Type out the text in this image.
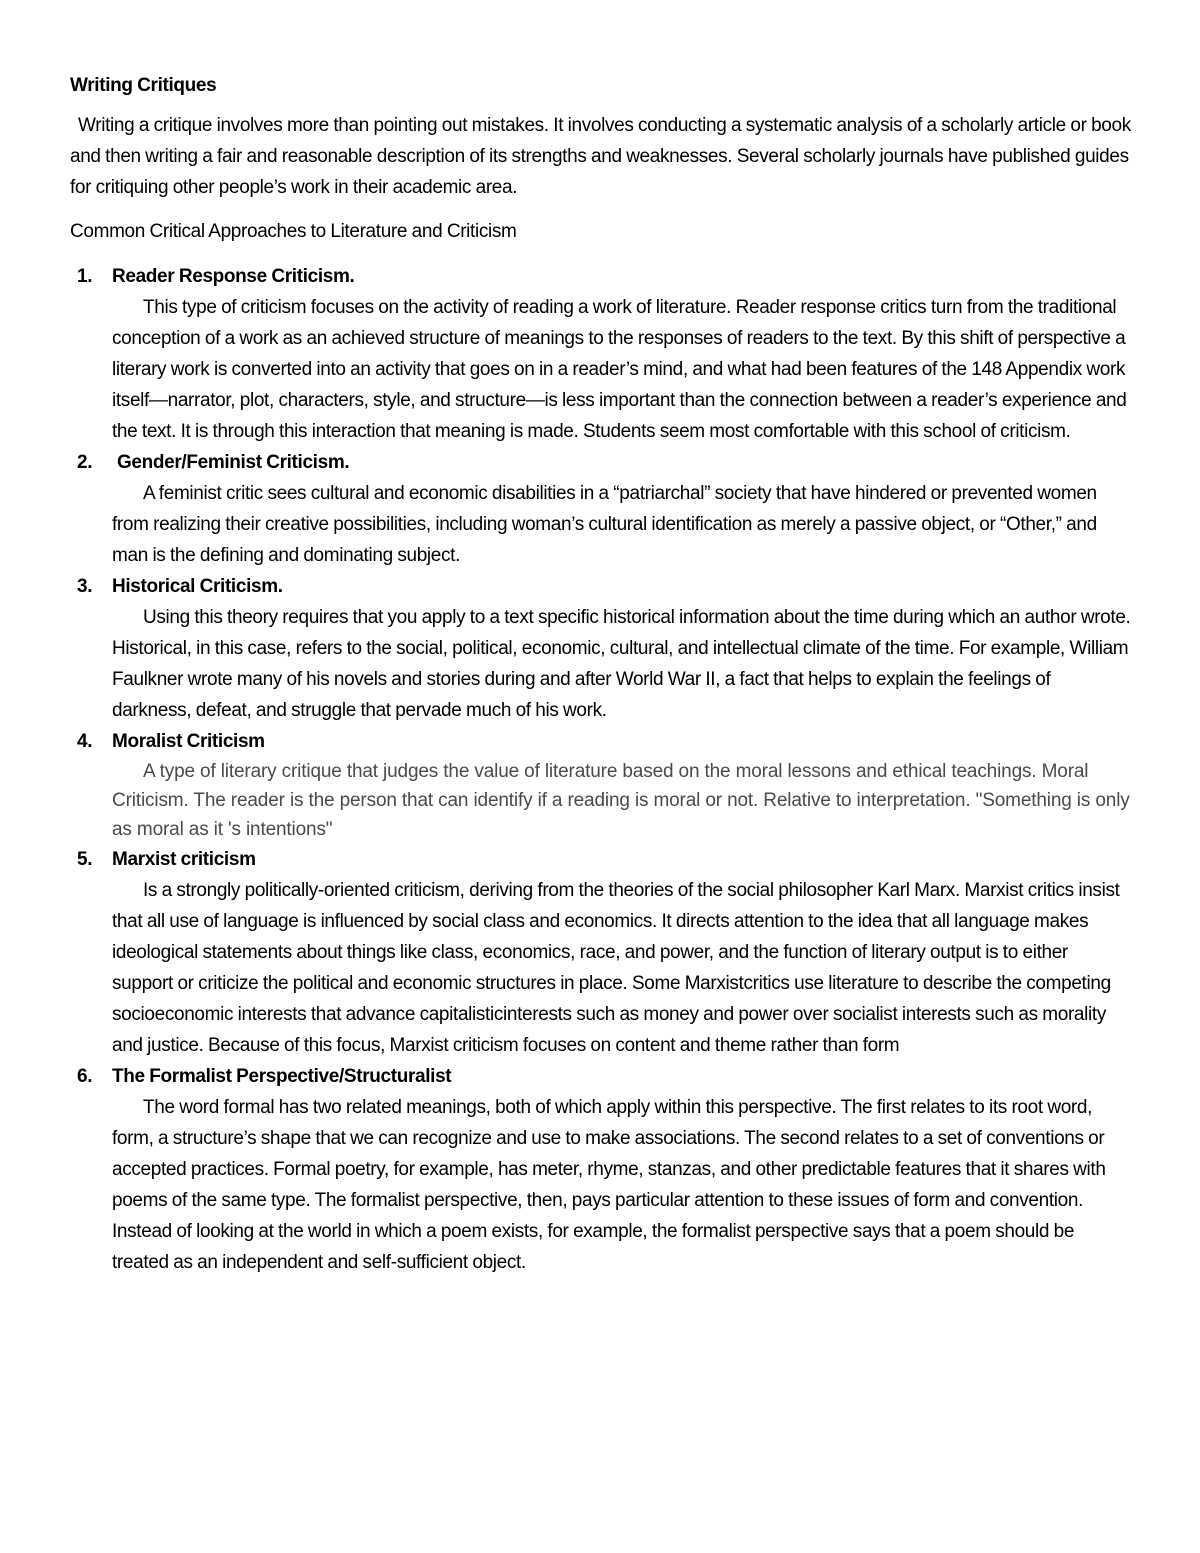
Writing Critiques

Writing a critique involves more than pointing out mistakes. It involves conducting a systematic analysis of a scholarly article or book and then writing a fair and reasonable description of its strengths and weaknesses. Several scholarly journals have published guides for critiquing other people’s work in their academic area.

Common Critical Approaches to Literature and Criticism

1. Reader Response Criticism.

This type of criticism focuses on the activity of reading a work of literature. Reader response critics turn from the traditional conception of a work as an achieved structure of meanings to the responses of readers to the text. By this shift of perspective a literary work is converted into an activity that goes on in a reader’s mind, and what had been features of the 148 Appendix work itself—narrator, plot, characters, style, and structure—is less important than the connection between a reader’s experience and the text. It is through this interaction that meaning is made. Students seem most comfortable with this school of criticism.

2. Gender/Feminist Criticism.

A feminist critic sees cultural and economic disabilities in a “patriarchal” society that have hindered or prevented women from realizing their creative possibilities, including woman’s cultural identification as merely a passive object, or “Other,” and man is the defining and dominating subject.

3. Historical Criticism.

Using this theory requires that you apply to a text specific historical information about the time during which an author wrote. Historical, in this case, refers to the social, political, economic, cultural, and intellectual climate of the time. For example, William Faulkner wrote many of his novels and stories during and after World War II, a fact that helps to explain the feelings of darkness, defeat, and struggle that pervade much of his work.

4. Moralist Criticism

A type of literary critique that judges the value of literature based on the moral lessons and ethical teachings. Moral Criticism. The reader is the person that can identify if a reading is moral or not. Relative to interpretation. "Something is only as moral as it 's intentions"

5. Marxist criticism

Is a strongly politically-oriented criticism, deriving from the theories of the social philosopher Karl Marx. Marxist critics insist that all use of language is influenced by social class and economics. It directs attention to the idea that all language makes ideological statements about things like class, economics, race, and power, and the function of literary output is to either support or criticize the political and economic structures in place. Some Marxistcritics use literature to describe the competing socioeconomic interests that advance capitalisticinterests such as money and power over socialist interests such as morality and justice. Because of this focus, Marxist criticism focuses on content and theme rather than form

6. The Formalist Perspective/Structuralist

The word formal has two related meanings, both of which apply within this perspective. The first relates to its root word, form, a structure’s shape that we can recognize and use to make associations. The second relates to a set of conventions or accepted practices. Formal poetry, for example, has meter, rhyme, stanzas, and other predictable features that it shares with poems of the same type. The formalist perspective, then, pays particular attention to these issues of form and convention. Instead of looking at the world in which a poem exists, for example, the formalist perspective says that a poem should be treated as an independent and self-sufficient object.
